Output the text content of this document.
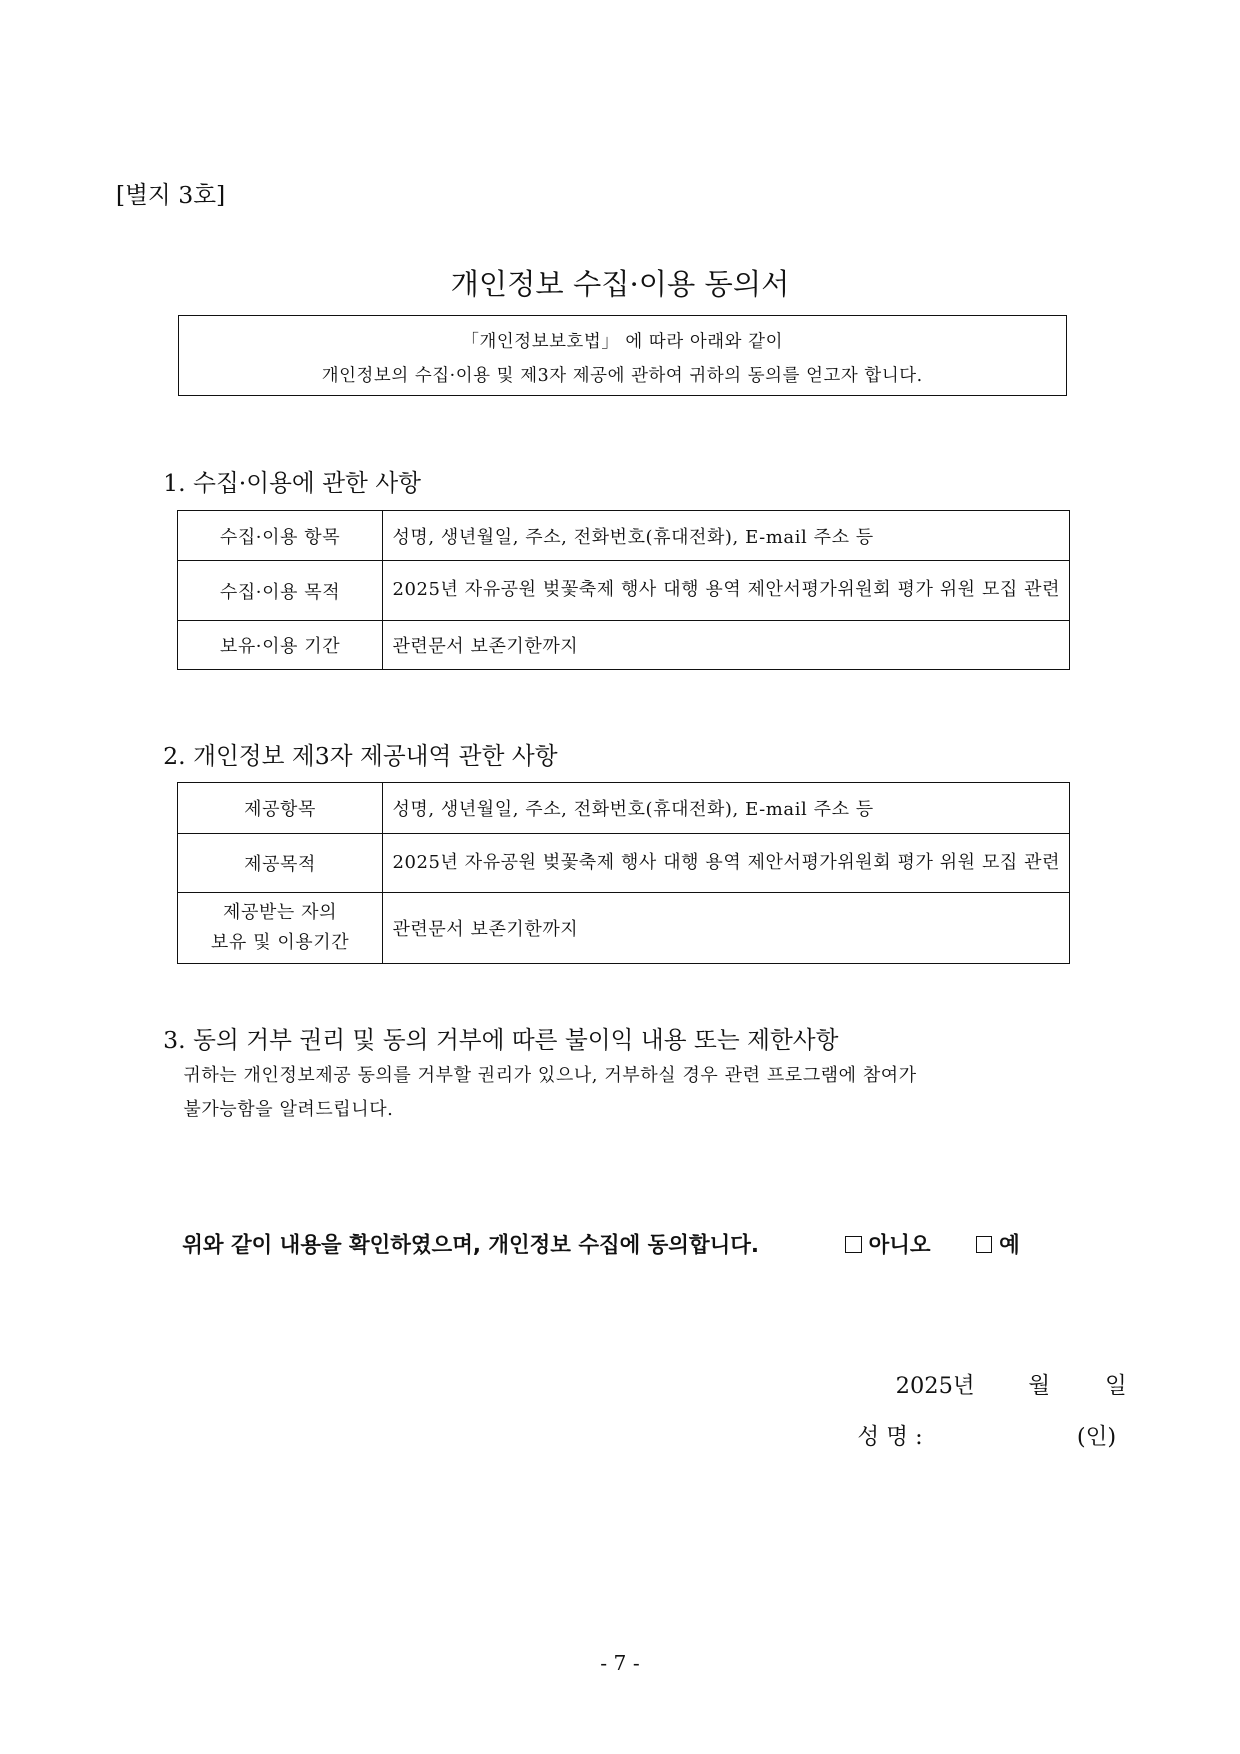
[별지 3호]
개인정보 수집·이용 동의서
「개인정보보호법」 에 따라 아래와 같이
개인정보의 수집·이용 및 제3자 제공에 관하여 귀하의 동의를 얻고자 합니다.
1. 수집·이용에 관한 사항
수집·이용 항목	성명, 생년월일, 주소, 전화번호(휴대전화), E-mail 주소 등
수집·이용 목적	2025년 자유공원 벚꽃축제 행사 대행 용역 제안서평가위원회 평가 위원 모집 관련

보유·이용 기간	관련문서 보존기한까지
2. 개인정보 제3자 제공내역 관한 사항
제공항목	성명, 생년월일, 주소, 전화번호(휴대전화), E-mail 주소 등
제공목적	2025년 자유공원 벚꽃축제 행사 대행 용역 제안서평가위원회 평가 위원 모집 관련

제공받는 자의
보유 및 이용기간	관련문서 보존기한까지
3. 동의 거부 권리 및 동의 거부에 따른 불이익 내용 또는 제한사항
귀하는 개인정보제공 동의를 거부할 권리가 있으나, 거부하실 경우 관련 프로그램에 참여가
불가능함을 알려드립니다.
위와 같이 내용을 확인하였으며, 개인정보 수집에 동의합니다.	아니오	예
2025년	월	일
성 명 :	(인)
- 7 -
